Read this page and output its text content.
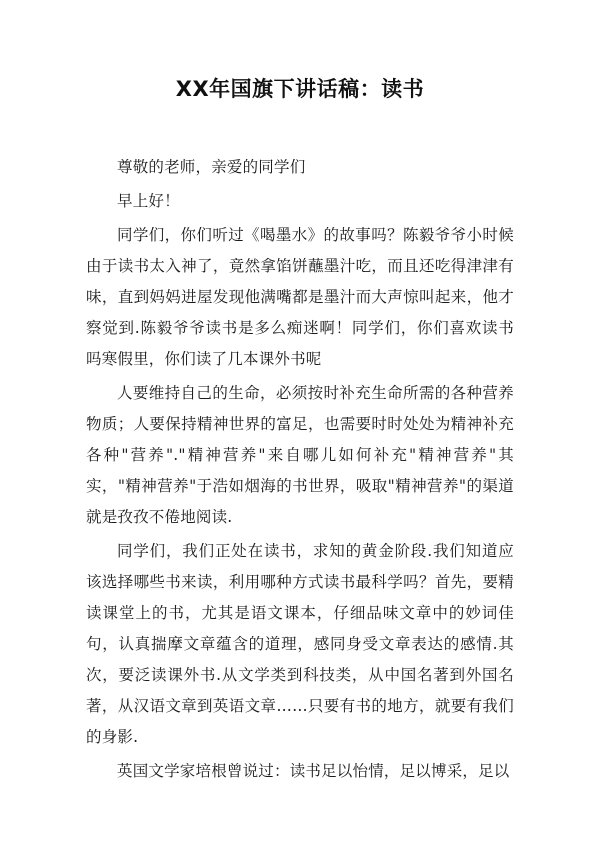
XX年国旗下讲话稿：读书

尊敬的老师，亲爱的同学们

早上好！

同学们，你们听过《喝墨水》的故事吗？陈毅爷爷小时候由于读书太入神了，竟然拿馅饼蘸墨汁吃，而且还吃得津津有味，直到妈妈进屋发现他满嘴都是墨汁而大声惊叫起来，他才察觉到.陈毅爷爷读书是多么痴迷啊！同学们，你们喜欢读书吗寒假里，你们读了几本课外书呢

人要维持自己的生命，必须按时补充生命所需的各种营养物质；人要保持精神世界的富足，也需要时时处处为精神补充各种"营养"."精神营养"来自哪儿如何补充"精神营养"其实，"精神营养"于浩如烟海的书世界，吸取"精神营养"的渠道就是孜孜不倦地阅读.

同学们，我们正处在读书，求知的黄金阶段.我们知道应该选择哪些书来读，利用哪种方式读书最科学吗？首先，要精读课堂上的书，尤其是语文课本，仔细品味文章中的妙词佳句，认真揣摩文章蕴含的道理，感同身受文章表达的感情.其次，要泛读课外书.从文学类到科技类，从中国名著到外国名著，从汉语文章到英语文章……只要有书的地方，就要有我们的身影.

英国文学家培根曾说过：读书足以怡情，足以博采，足以
